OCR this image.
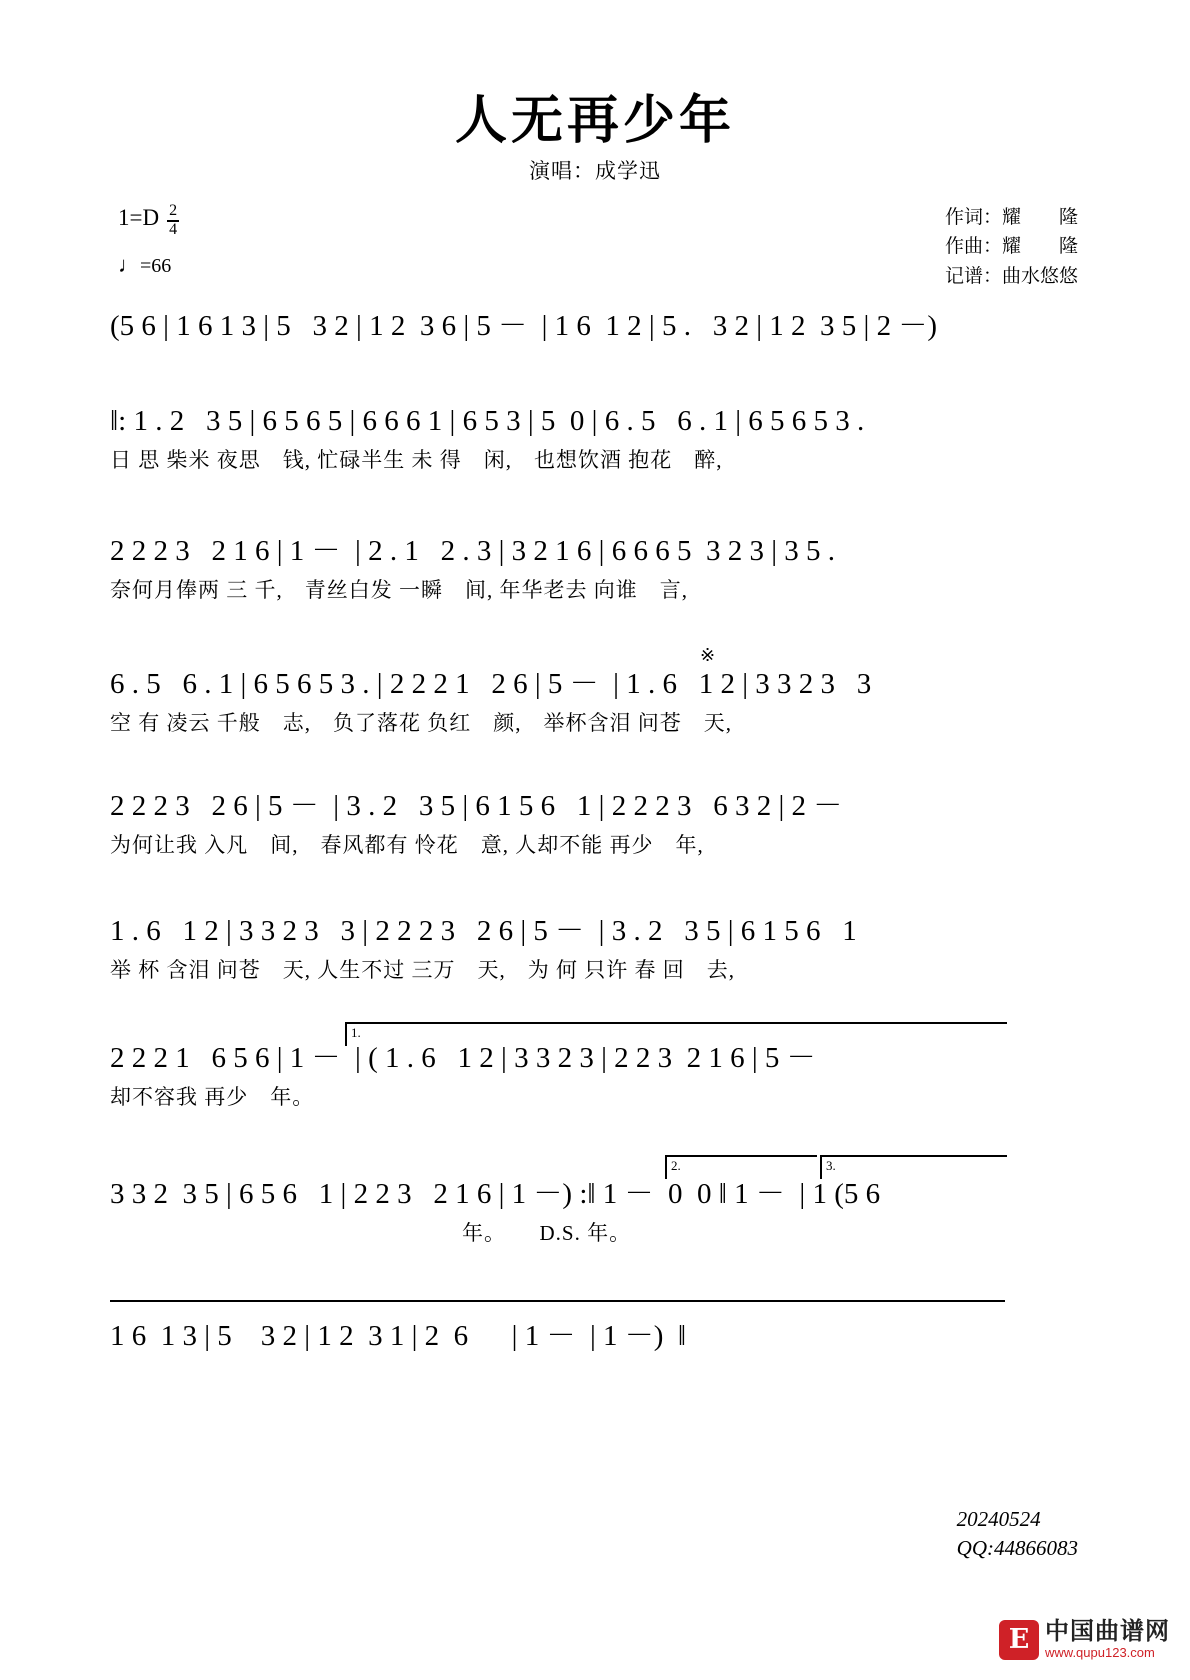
人无再少年
演唱：成学迅
$1=D \frac{2}{4}$
♩=66
作词：耀　　隆
作曲：耀　　隆
记谱：曲水悠悠
(5 6 | 1 6 1 3 | 5   3 2 | 1 2  3 6 | 5 －  | 1 6  1 2 | 5 .   3 2 | 1 2  3 5 | 2 －)
‖: 1 . 2   3 5 | 6 5 6 5 | 6 6 6 1 | 6 5 3 | 5  0 | 6 . 5   6 . 1 | 6 5 6 5 3 .
日 思 柴米 夜思　钱, 忙碌半生 未 得　闲,　也想饮酒 抱花　醉,
2 2 2 3   2 1 6 | 1 －  | 2 . 1   2 . 3 | 3 2 1 6 | 6 6 6 5  3 2 3 | 3 5 .
奈何月俸两 三 千,　青丝白发 一瞬　间, 年华老去 向谁　言,
※
6 . 5   6 . 1 | 6 5 6 5 3 . | 2 2 2 1   2 6 | 5 －  | 1 . 6   1 2 | 3 3 2 3   3
空 有 凌云 千般　志,　负了落花 负红　颜,　举杯含泪 问苍　天,
2 2 2 3   2 6 | 5 －  | 3 . 2   3 5 | 6 1 5 6   1 | 2 2 2 3   6 3 2 | 2 －
为何让我 入凡　间,　春风都有 怜花　意, 人却不能 再少　年,
1 . 6   1 2 | 3 3 2 3   3 | 2 2 2 3   2 6 | 5 －  | 3 . 2   3 5 | 6 1 5 6   1
举 杯 含泪 问苍　天, 人生不过 三万　天,　为 何 只许 春 回　去,
1.
2 2 2 1   6 5 6 | 1 －  | ( 1 . 6   1 2 | 3 3 2 3 | 2 2 3  2 1 6 | 5 －
却不容我 再少　年。
2.	3.
3 3 2  3 5 | 6 5 6   1 | 2 2 3   2 1 6 | 1 －) :‖ 1 －  0  0 ‖ 1 －  | 1 (5 6
　　　　　　　　　　　　　　　　年。　　D.S. 年。
1 6  1 3 | 5    3 2 | 1 2  3 1 | 2  6 　 | 1 －  | 1 －)  ‖
20240524
QQ:44866083
E 中国曲谱网
www.qupu123.com
